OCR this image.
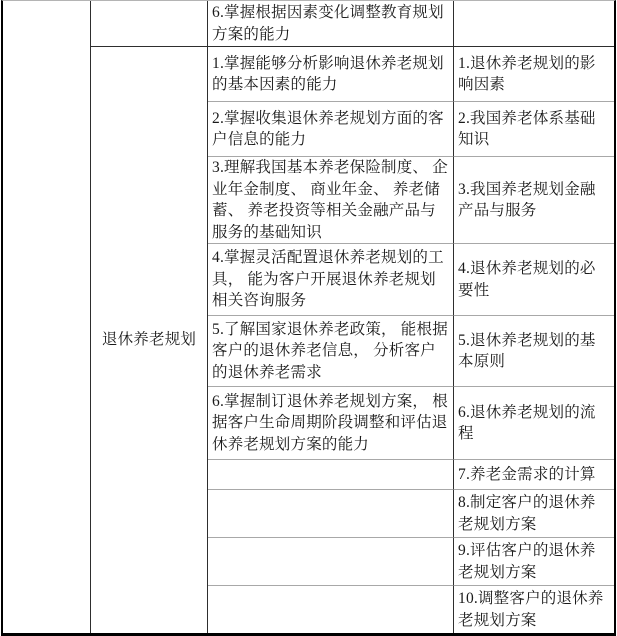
退休养老规划

6.掌握根据因素变化调整教育规划方案的能力

1.掌握能够分析影响退休养老规划的基本因素的能力

1.退休养老规划的影响因素

2.掌握收集退休养老规划方面的客户信息的能力

2.我国养老体系基础知识

3.理解我国基本养老保险制度、 企业年金制度、 商业年金、 养老储蓄、 养老投资等相关金融产品与服务的基础知识

3.我国养老规划金融产品与服务

4.掌握灵活配置退休养老规划的工具， 能为客户开展退休养老规划相关咨询服务

4.退休养老规划的必要性

5.了解国家退休养老政策， 能根据客户的退休养老信息， 分析客户的退休养老需求

5.退休养老规划的基本原则

6.掌握制订退休养老规划方案， 根据客户生命周期阶段调整和评估退休养老规划方案的能力

6.退休养老规划的流程

7.养老金需求的计算

8.制定客户的退休养老规划方案

9.评估客户的退休养老规划方案

10.调整客户的退休养老规划方案
